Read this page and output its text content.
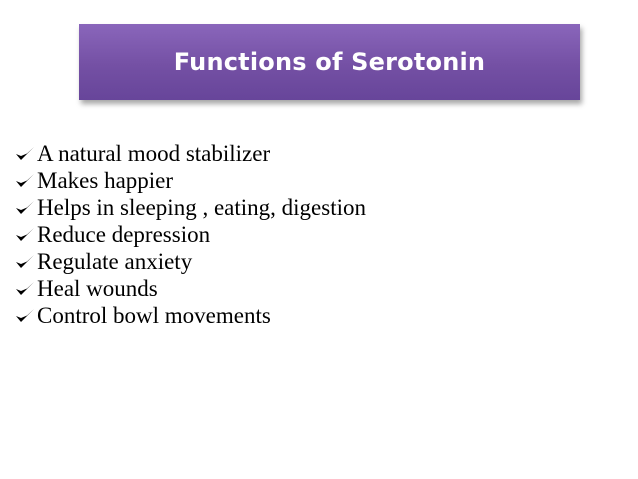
Functions of Serotonin
A natural mood stabilizer
Makes happier
Helps in sleeping , eating, digestion
Reduce depression
Regulate anxiety
Heal wounds
Control bowl movements
